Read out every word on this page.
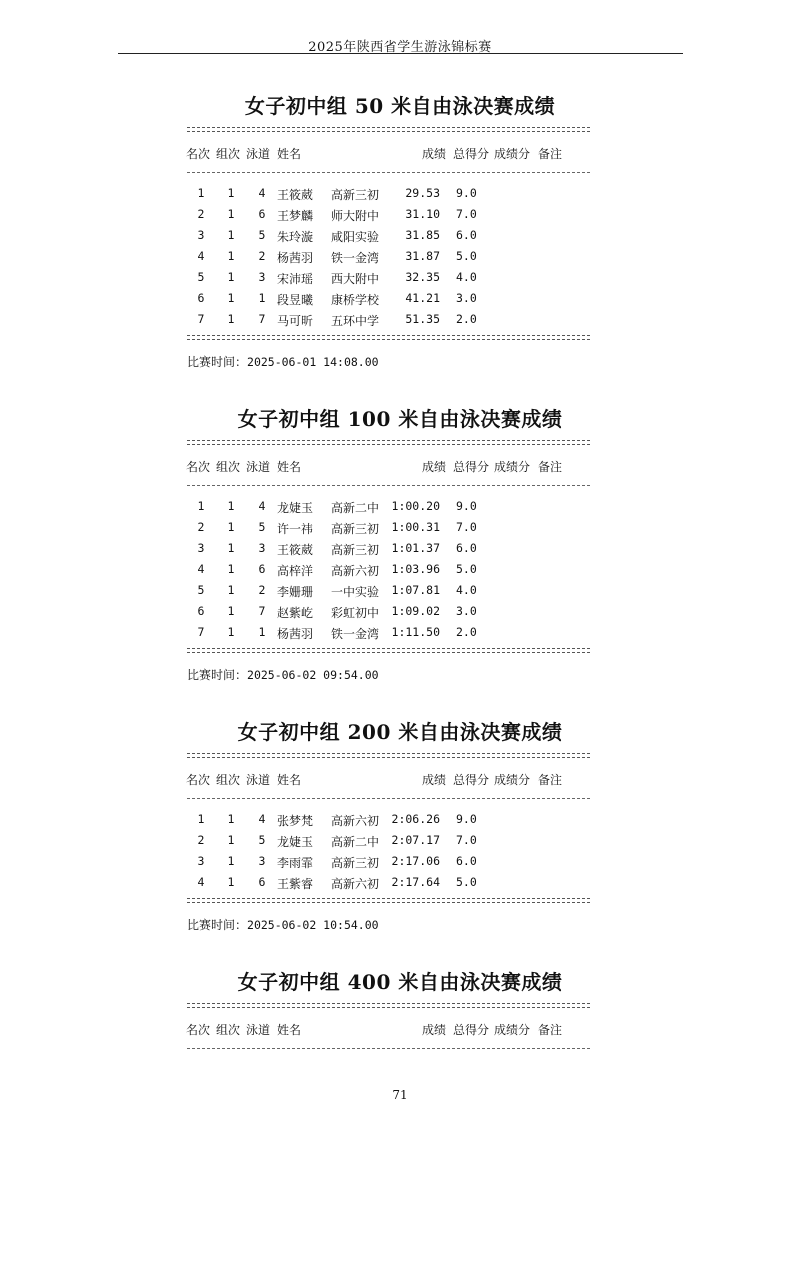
2025年陕西省学生游泳锦标赛
女子初中组 50 米自由泳决赛成绩
名次 组次 泳道 姓名	成绩 总得分 成绩分 备注
1 1 4 王筱葳 高新三初 29.53 9.0
2 1 6 王梦麟 师大附中 31.10 7.0
3 1 5 朱玲漩 咸阳实验 31.85 6.0
4 1 2 杨茜羽 铁一金湾 31.87 5.0
5 1 3 宋沛瑶 西大附中 32.35 4.0
6 1 1 段昱曦 康桥学校 41.21 3.0
7 1 7 马可昕 五环中学 51.35 2.0
比赛时间：2025-06-01 14:08.00
女子初中组 100 米自由泳决赛成绩
名次 组次 泳道 姓名	成绩 总得分 成绩分 备注
1 1 4 龙婕玉 高新二中 1:00.20 9.0
2 1 5 许一祎 高新三初 1:00.31 7.0
3 1 3 王筱葳 高新三初 1:01.37 6.0
4 1 6 高梓洋 高新六初 1:03.96 5.0
5 1 2 李姗珊 一中实验 1:07.81 4.0
6 1 7 赵紫屹 彩虹初中 1:09.02 3.0
7 1 1 杨茜羽 铁一金湾 1:11.50 2.0
比赛时间：2025-06-02 09:54.00
女子初中组 200 米自由泳决赛成绩
名次 组次 泳道 姓名	成绩 总得分 成绩分 备注
1 1 4 张梦梵 高新六初 2:06.26 9.0
2 1 5 龙婕玉 高新二中 2:07.17 7.0
3 1 3 李雨霏 高新三初 2:17.06 6.0
4 1 6 王紫睿 高新六初 2:17.64 5.0
比赛时间：2025-06-02 10:54.00
女子初中组 400 米自由泳决赛成绩
名次 组次 泳道 姓名	成绩 总得分 成绩分 备注
71
